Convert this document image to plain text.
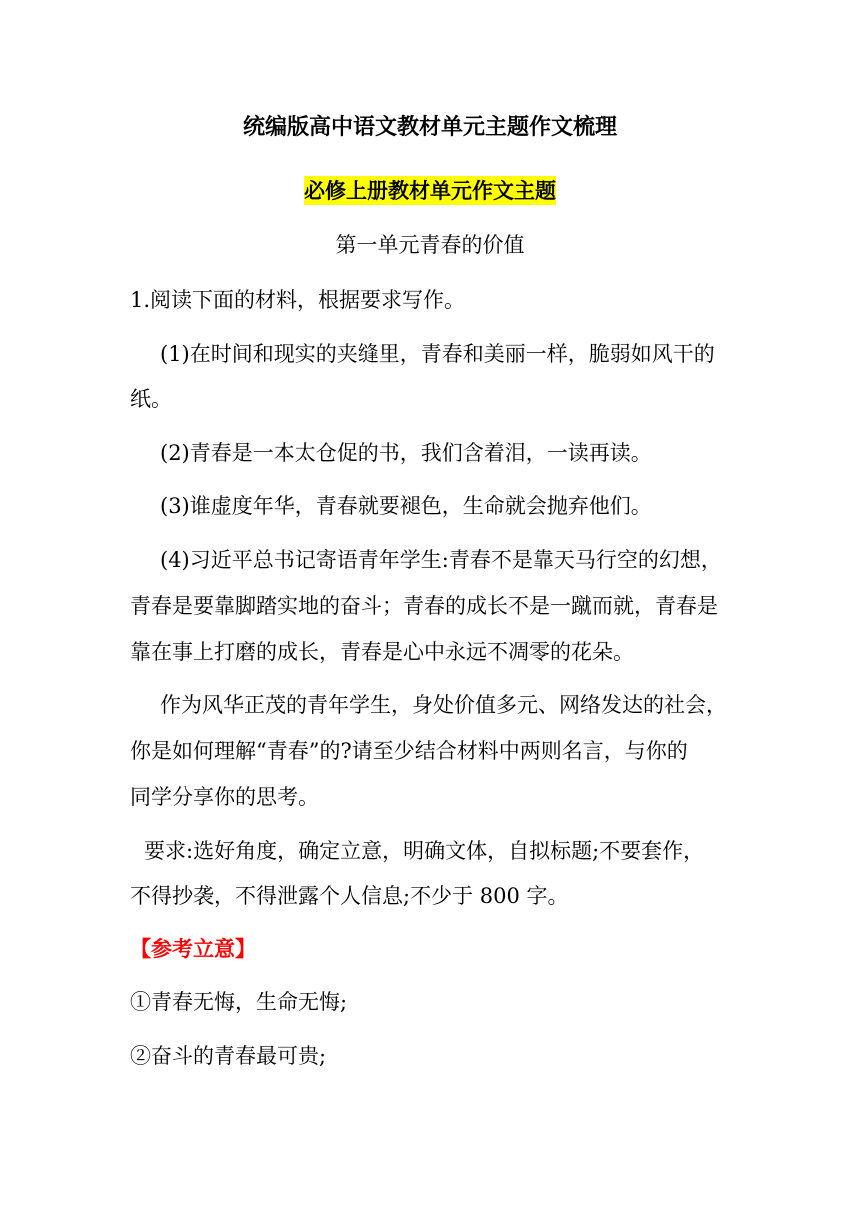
统编版高中语文教材单元主题作文梳理
必修上册教材单元作文主题
第一单元青春的价值
1.阅读下面的材料，根据要求写作。
(1)在时间和现实的夹缝里，青春和美丽一样，脆弱如风干的
纸。
(2)青春是一本太仓促的书，我们含着泪，一读再读。
(3)谁虚度年华，青春就要褪色，生命就会抛弃他们。
(4)习近平总书记寄语青年学生:青春不是靠天马行空的幻想，
青春是要靠脚踏实地的奋斗；青春的成长不是一蹴而就，青春是
靠在事上打磨的成长，青春是心中永远不凋零的花朵。
作为风华正茂的青年学生，身处价值多元、网络发达的社会，
你是如何理解“青春”的?请至少结合材料中两则名言，与你的
同学分享你的思考。
要求:选好角度，确定立意，明确文体，自拟标题;不要套作，
不得抄袭，不得泄露个人信息;不少于 800 字。
【参考立意】
①青春无悔，生命无悔;
②奋斗的青春最可贵;
